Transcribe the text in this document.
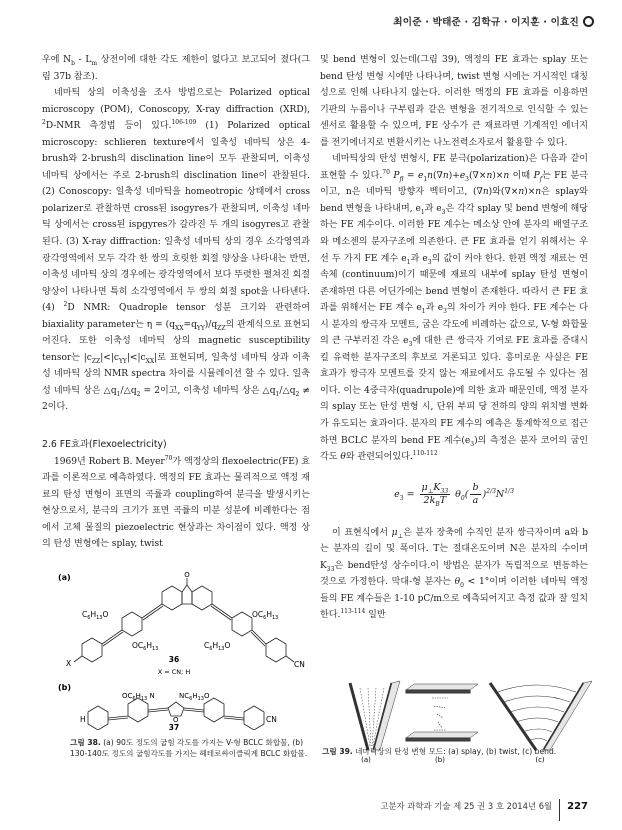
최이준 · 박태준 · 김학규 · 이지훈 · 이효진

우에 $N_b - L_m$ 상전이에 대한 각도 제한이 없다고 보고되어 졌다(그림 37b 참조).

네마틱 상의 이축성을 조사 방법으로는 Polarized optical microscopy (POM), Conoscopy, X-ray diffraction (XRD), $^2$D-NMR 측정법 등이 있다.$^{106-109}$ (1) Polarized optical microscopy: schlieren texture에서 일축성 네마틱 상은 4-brush와 2-brush의 disclination line이 모두 관찰되며, 이축성 네마틱 상에서는 주로 2-brush의 disclination line이 관찰된다. (2) Conoscopy: 일축성 네마틱을 homeotropic 상태에서 cross polarizer로 관찰하면 cross된 isogyres가 관찰되며, 이축성 네마틱 상에서는 cross된 ispgyres가 갈라진 두 개의 isogyres고 관찰된다. (3) X-ray diffraction: 일축성 네마틱 상의 경우 소각영역과 광각영역에서 모두 각각 한 쌍의 흐릿한 회절 양상을 나타내는 반면, 이축성 네마틱 상의 경우에는 광각영역에서 보다 뚜렷한 펼쳐진 회절 양상이 나타나면 특히 소각영역에서 두 쌍의 회절 spot을 나타낸다. (4) $^2$D NMR: Quadrople tensor 성분 크기와 관련하여 biaxiality parameter는 $\eta = (q_{XX}=q_{YY})/q_{ZZ}$의 관계식으로 표현되어진다. 또한 이축성 네마틱 상의 magnetic susceptibility tensor는 $|c_{ZZ}|<|c_{YY}|<|c_{XX}|$로 표현되며, 일축성 네마틱 상과 이축성 네마틱 상의 NMR spectra 차이를 시뮬레이션 할 수 있다. 일축성 네마틱 상은 $\triangle q_1/\triangle q_2 = 2$이고, 이축성 네마틱 상은 $\triangle q_1/\triangle q_2 \ne 2$이다.

2.6 FE효과(Flexoelectricity)

1969년 Robert B. Meyer$^{70}$가 액정상의 flexoelectric(FE) 효과를 이론적으로 예측하였다. 액정의 FE 효과는 물리적으로 액정 재료의 탄성 변형이 표면의 곡률과 coupling하여 분극을 발생시키는 현상으로서, 분극의 크기가 표면 곡률의 미분 성분에 비례한다는 점에서 고체 물질의 piezoelectric 현상과는 차이점이 있다. 액정 상의 탄성 변형에는 splay, twist

및 bend 변형이 있는데(그림 39), 액정의 FE 효과는 splay 또는 bend 탄성 변형 시에만 나타나며, twist 변형 시에는 거시적인 대칭성으로 인해 나타나지 않는다. 이러한 액정의 FE 효과를 이용하면 기판의 누름이나 구부림과 같은 변형을 전기적으로 인식할 수 있는 센서로 활용할 수 있으며, FE 상수가 큰 재료라면 기계적인 에너지를 전기에너지로 변환시키는 나노전력소자로서 활용할 수 있다.

네마틱상의 탄성 변형시, FE 분극(polarization)은 다음과 같이 표현할 수 있다.$^{70}$ $P_{fl} = e_1n(\nabla n)+e_3(\nabla\times n)\times n$ 이때 $P_f$는 FE 분극이고, n은 네마틱 방향자 벡터이고, (∇n)와(∇×n)×n은 splay와 bend 변형을 나타내며, $e_1$과 $e_3$은 각각 splay 및 bend 변형에 해당하는 FE 계수이다. 이러한 FE 계수는 메소상 안에 분자의 배열구조와 메소젠의 분자구조에 의존한다. 큰 FE 효과를 얻기 위해서는 우선 두 가지 FE 계수 $e_1$과 $e_3$의 값이 커야 한다. 한편 액정 재료는 연속체 (continuum)이기 때문에 재료의 내부에 splay 탄성 변형이 존재하면 다른 어딘가에는 bend 변형이 존재한다. 따라서 큰 FE 효과를 위해서는 FE 계수 $e_1$과 $e_3$의 차이가 커야 한다. FE 계수는 다시 분자의 쌍극자 모멘트, 굽은 각도에 비례하는 값으로, V-형 화합물의 큰 구부러진 각은 $e_3$에 대한 큰 쌍극자 기여로 FE 효과를 증대시킬 유력한 분자구조의 후보로 거론되고 있다. 흥미로운 사실은 FE 효과가 쌍극자 모멘트를 갖지 않는 재료에서도 유도될 수 있다는 점이다. 이는 4중극자(quadrupole)에 의한 효과 때문인데, 액정 분자의 splay 또는 탄성 변형 시, 단위 부피 당 전하의 양의 위치별 변화가 유도되는 효과이다. 분자의 FE 계수의 예측은 통계학적으로 접근하면 BCLC 분자의 bend FE 계수$(e_3)$의 측정은 분자 코어의 굽인 각도 θ와 관련되어있다.$^{110-112}$

$e_3 = \frac{\mu_\perp K_{33}}{2k_BT} \theta_0( \frac{b}{a} )^{2/3}N^{1/3}$

이 표현식에서 $\mu_\perp$은 분자 장축에 수직인 분자 쌍극자이며 a와 b는 분자의 길이 및 폭이다. T는 절대온도이며 N은 분자의 수이며 $K_{33}$은 bend탄성 상수이다.이 방법은 분자가 독립적으로 변동하는 것으로 가정한다. 막대-형 분자는 $\theta_0 < 1^\circ$이며 이러한 네마틱 액정들의 FE 계수들은 1-10 pC/m으로 예측되어지고 측정 값과 잘 일치 한다.$^{113-114}$ 일반

(a)	O
$C_6H_{13}O$
$OC_6H_{13}$
$OC_6H_{13}$
$C_6H_{13}O$
X	CN
36
X = CN; H
(b)
H	CN
$OC_6H_{13}$ N	$NC_6H_{13}O$
O
37
그림 38. (a) 90도 정도의 굽힘 각도를 가지는 V-형 BCLC 화합물, (b) 130-140도 정도의 굽힘각도를 가지는 헤테로싸이클릭계 BCLC 화합물.
(a)	(b)	(c)
그림 39. 네마틱상의 탄성 변형 모드: (a) splay, (b) twist, (c) bend.
고분자 과학과 기술 제 25 권 3 호 2014년 6월 227
